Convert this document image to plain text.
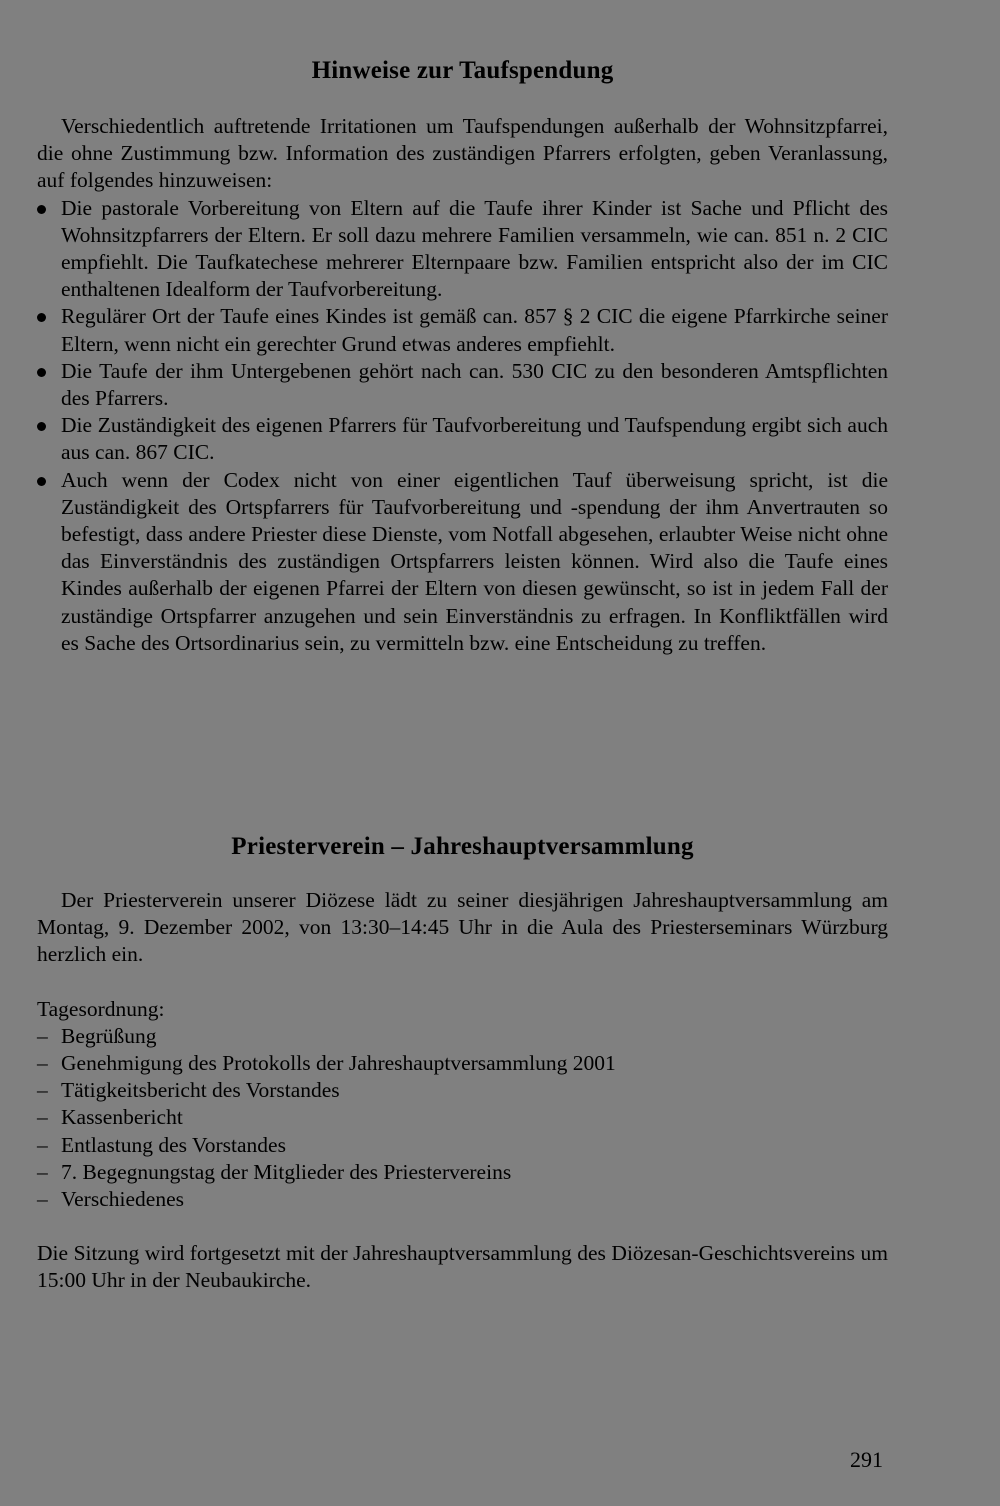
Hinweise zur Taufspendung

Verschiedentlich auftretende Irritationen um Taufspendungen außerhalb der Wohnsitzpfarrei, die ohne Zustimmung bzw. Information des zuständigen Pfarrers erfolgten, geben Veranlassung, auf folgendes hinzuweisen:

Die pastorale Vorbereitung von Eltern auf die Taufe ihrer Kinder ist Sache und Pflicht des Wohnsitzpfarrers der Eltern. Er soll dazu mehrere Familien versammeln, wie can. 851 n. 2 CIC empfiehlt. Die Taufkatechese mehrerer Elternpaare bzw. Familien entspricht also der im CIC enthaltenen Idealform der Taufvorbereitung.
Regulärer Ort der Taufe eines Kindes ist gemäß can. 857 § 2 CIC die eigene Pfarrkirche seiner Eltern, wenn nicht ein gerechter Grund etwas anderes empfiehlt.
Die Taufe der ihm Untergebenen gehört nach can. 530 CIC zu den besonderen Amtspflichten des Pfarrers.
Die Zuständigkeit des eigenen Pfarrers für Taufvorbereitung und Taufspendung ergibt sich auch aus can. 867 CIC.
Auch wenn der Codex nicht von einer eigentlichen Tauf überweisung spricht, ist die Zuständigkeit des Ortspfarrers für Taufvorbereitung und -spendung der ihm Anvertrauten so befestigt, dass andere Priester diese Dienste, vom Notfall abgesehen, erlaubter Weise nicht ohne das Einverständnis des zuständigen Ortspfarrers leisten können. Wird also die Taufe eines Kindes außerhalb der eigenen Pfarrei der Eltern von diesen gewünscht, so ist in jedem Fall der zuständige Ortspfarrer anzugehen und sein Einverständnis zu erfragen. In Konfliktfällen wird es Sache des Ortsordinarius sein, zu vermitteln bzw. eine Entscheidung zu treffen.
Priesterverein – Jahreshauptversammlung

Der Priesterverein unserer Diözese lädt zu seiner diesjährigen Jahreshauptversammlung am Montag, 9. Dezember 2002, von 13:30–14:45 Uhr in die Aula des Priesterseminars Würzburg herzlich ein.

Tagesordnung:

– Begrüßung
– Genehmigung des Protokolls der Jahreshauptversammlung 2001
– Tätigkeitsbericht des Vorstandes
– Kassenbericht
– Entlastung des Vorstandes
– 7. Begegnungstag der Mitglieder des Priestervereins
– Verschiedenes

Die Sitzung wird fortgesetzt mit der Jahreshauptversammlung des Diözesan-Geschichtsvereins um 15:00 Uhr in der Neubaukirche.

291
